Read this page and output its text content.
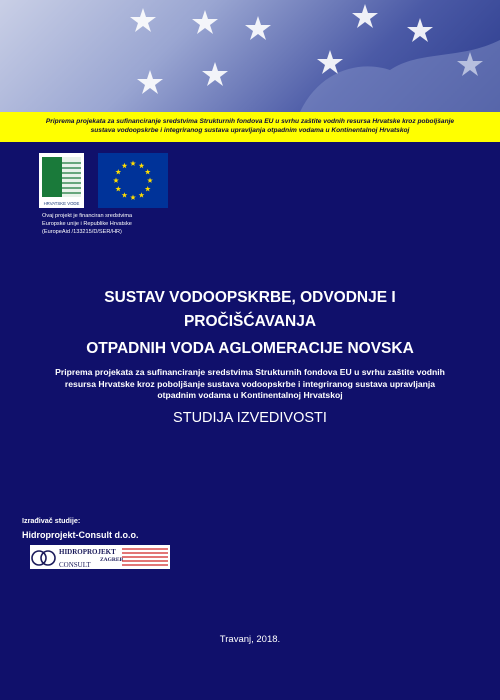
Priprema projekata za sufinanciranje sredstvima Strukturnih fondova EU u svrhu zaštite vodnih resursa Hrvatske kroz poboljšanje
sustava vodoopskrbe i integriranog sustava upravljanja otpadnim vodama u Kontinentalnoj Hrvatskoj
HRVATSKE VODE
Ovaj projekt je financiran sredstvima
Europske unije i Republike Hrvatske
(EuropeAid /133215/D/SER/HR)
SUSTAV VODOOPSKRBE, ODVODNJE I
PROČIŠĆAVANJA
OTPADNIH VODA AGLOMERACIJE NOVSKA
Priprema projekata za sufinanciranje sredstvima Strukturnih fondova EU u svrhu zaštite vodnih
resursa Hrvatske kroz poboljšanje sustava vodoopskrbe i integriranog sustava upravljanja
otpadnim vodama u Kontinentalnoj Hrvatskoj
STUDIJA IZVEDIVOSTI
Izrađivač studije:
Hidroprojekt-Consult d.o.o.
HIDROPROJEKT
ZAGREB
CONSULT
Travanj, 2018.
